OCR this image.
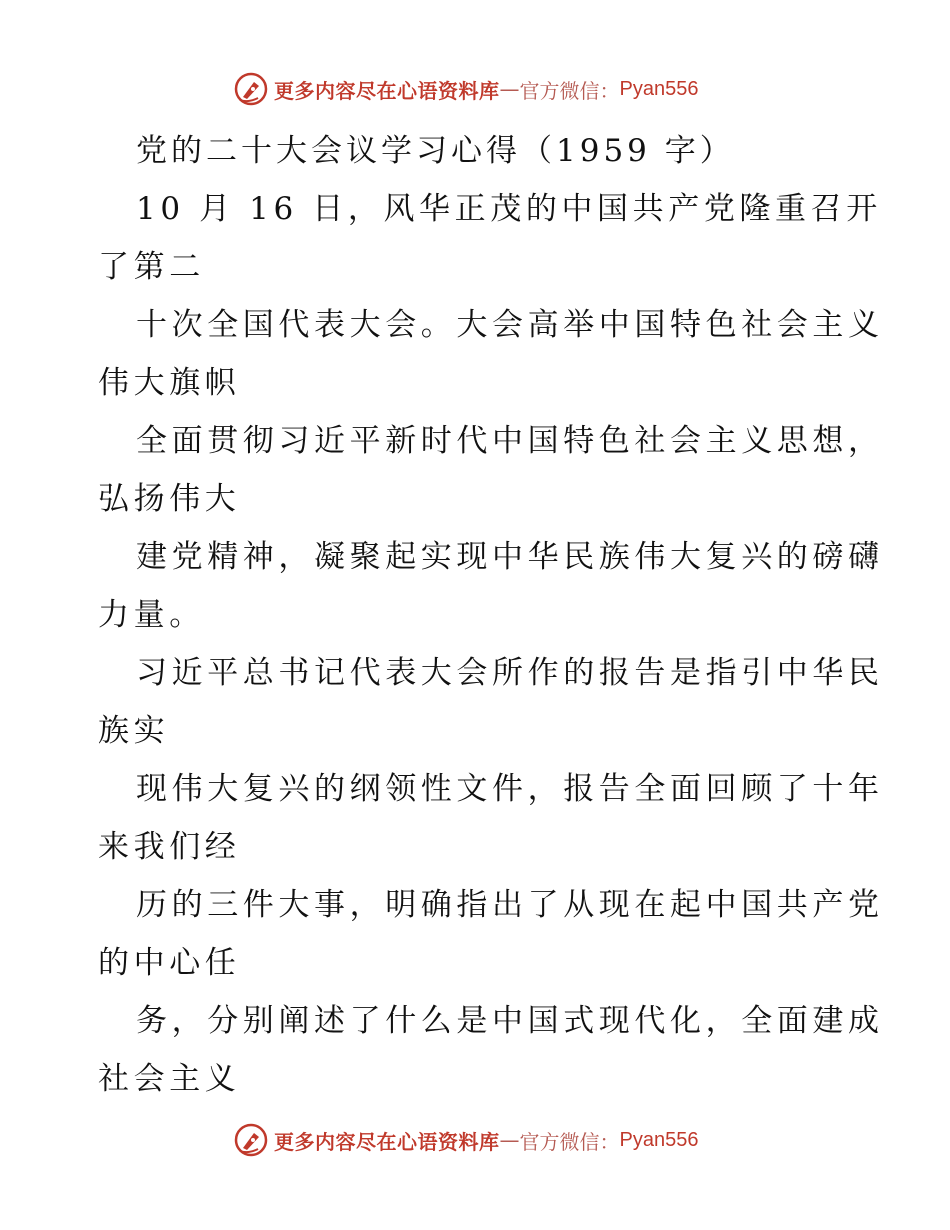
更多内容尽在心语资料库 — 官方微信： Pyan556
党的二十大会议学习心得（1959 字）
10 月 16 日，风华正茂的中国共产党隆重召开
了第二
十次全国代表大会。大会高举中国特色社会主义
伟大旗帜
全面贯彻习近平新时代中国特色社会主义思想，
弘扬伟大
建党精神，凝聚起实现中华民族伟大复兴的磅礴
力量。
习近平总书记代表大会所作的报告是指引中华民
族实
现伟大复兴的纲领性文件，报告全面回顾了十年
来我们经
历的三件大事，明确指出了从现在起中国共产党
的中心任
务，分别阐述了什么是中国式现代化，全面建成
社会主义
更多内容尽在心语资料库 — 官方微信： Pyan556
